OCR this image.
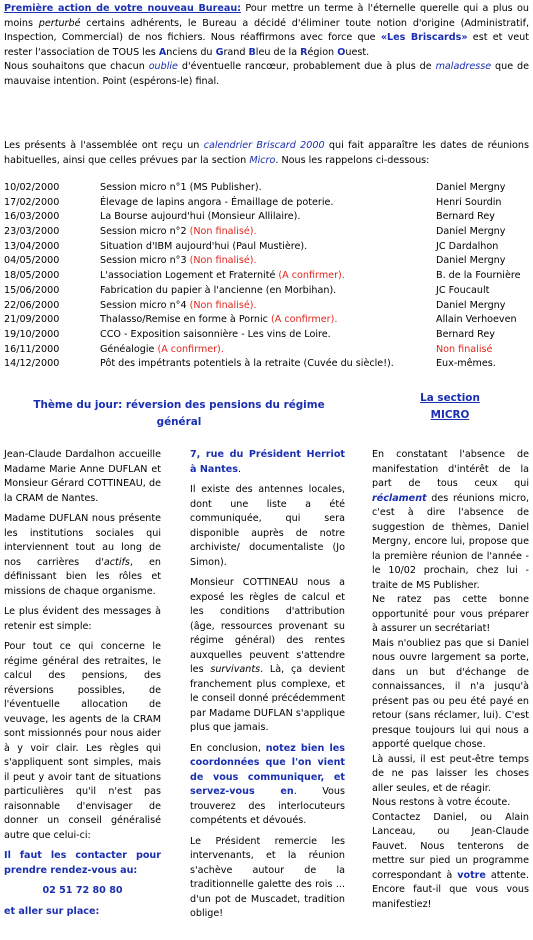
Première action de votre nouveau Bureau: Pour mettre un terme à l'éternelle querelle qui a plus ou moins perturbé certains adhérents, le Bureau a décidé d'éliminer toute notion d'origine (Administratif, Inspection, Commercial) de nos fichiers. Nous réaffirmons avec force que «Les Briscards» est et veut rester l'association de TOUS les Anciens du Grand Bleu de la Région Ouest.

Nous souhaitons que chacun oublie d'éventuelle rancœur, probablement due à plus de maladresse que de mauvaise intention. Point (espérons-le) final.

Les présents à l'assemblée ont reçu un calendrier Briscard 2000 qui fait apparaître les dates de réunions habituelles, ainsi que celles prévues par la section Micro. Nous les rappelons ci-dessous:
10/02/2000	Session micro n°1 (MS Publisher).	Daniel Mergny
17/02/2000	Élevage de lapins angora - Émaillage de poterie.	Henri Sourdin
16/03/2000	La Bourse aujourd'hui (Monsieur Allilaire).	Bernard Rey
23/03/2000	Session micro n°2 (Non finalisé).	Daniel Mergny
13/04/2000	Situation d'IBM aujourd'hui (Paul Mustière).	JC Dardalhon
04/05/2000	Session micro n°3 (Non finalisé).	Daniel Mergny
18/05/2000	L'association Logement et Fraternité (A confirmer).	B. de la Fournière
15/06/2000	Fabrication du papier à l'ancienne (en Morbihan).	JC Foucault
22/06/2000	Session micro n°4 (Non finalisé).	Daniel Mergny
21/09/2000	Thalasso/Remise en forme à Pornic (A confirmer).	Allain Verhoeven
19/10/2000	CCO - Exposition saisonnière - Les vins de Loire.	Bernard Rey
16/11/2000	Généalogie (A confirmer).	Non finalisé
14/12/2000	Pôt des impétrants potentiels à la retraite (Cuvée du siècle!).	Eux-mêmes.
Thème du jour: réversion des pensions du régime
général
La section
MICRO

Jean-Claude Dardalhon accueille Madame Marie Anne DUFLAN et Monsieur Gérard COTTINEAU, de la CRAM de Nantes.

Madame DUFLAN nous présente les institutions sociales qui interviennent tout au long de nos carrières d'actifs, en définissant bien les rôles et missions de chaque organisme.

Le plus évident des messages à retenir est simple:

Pour tout ce qui concerne le régime général des retraites, le calcul des pensions, des réversions possibles, de l'éventuelle allocation de veuvage, les agents de la CRAM sont missionnés pour nous aider à y voir clair. Les règles qui s'appliquent sont simples, mais il peut y avoir tant de situations particulières qu'il n'est pas raisonnable d'envisager de donner un conseil généralisé autre que celui-ci:

Il faut les contacter pour prendre rendez-vous au:

02 51 72 80 80

et aller sur place:

7, rue du Président Herriot à Nantes.

Il existe des antennes locales, dont une liste a été communiquée, qui sera disponible auprès de notre archiviste/ documentaliste (Jo Simon).

Monsieur COTTINEAU nous a exposé les règles de calcul et les conditions d'attribution (âge, ressources provenant su régime général) des rentes auxquelles peuvent s'attendre les survivants. Là, ça devient franchement plus complexe, et le conseil donné précédemment par Madame DUFLAN s'applique plus que jamais.

En conclusion, notez bien les coordonnées que l'on vient de vous communiquer, et servez-vous en. Vous trouverez des interlocuteurs compétents et dévoués.

Le Président remercie les intervenants, et la réunion s'achève autour de la traditionnelle galette des rois ... d'un pot de Muscadet, tradition oblige!

En constatant l'absence de manifestation d'intérêt de la part de tous ceux qui réclament des réunions micro, c'est à dire l'absence de suggestion de thèmes, Daniel Mergny, encore lui, propose que la première réunion de l'année - le 10/02 prochain, chez lui - traite de MS Publisher.

Ne ratez pas cette bonne opportunité pour vous préparer à assurer un secrétariat!

Mais n'oubliez pas que si Daniel nous ouvre largement sa porte, dans un but d'échange de connaissances, il n'a jusqu'à présent pas ou peu été payé en retour (sans réclamer, lui). C'est presque toujours lui qui nous a apporté quelque chose.

Là aussi, il est peut-être temps de ne pas laisser les choses aller seules, et de réagir.

Nous restons à votre écoute.

Contactez Daniel, ou Alain Lanceau, ou Jean-Claude Fauvet. Nous tenterons de mettre sur pied un programme correspondant à votre attente. Encore faut-il que vous vous manifestiez!
